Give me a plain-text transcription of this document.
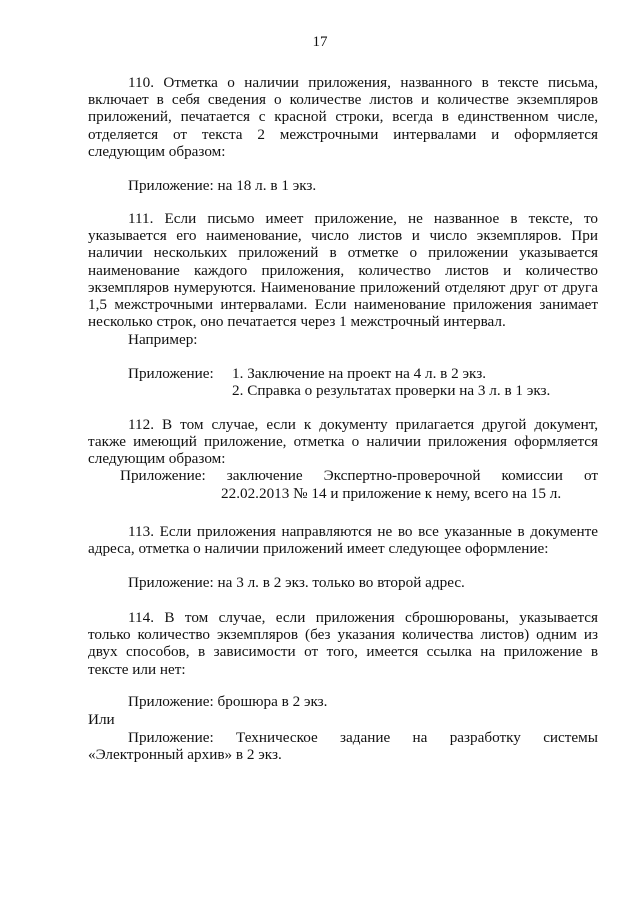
17
110. Отметка о наличии приложения, названного в тексте письма,
включает в себя сведения о количестве листов и количестве экземпляров
приложений, печатается с красной строки, всегда в единственном числе,
отделяется от текста 2 межстрочными интервалами и оформляется
следующим образом:
Приложение: на 18 л. в 1 экз.
111. Если письмо имеет приложение, не названное в тексте, то
указывается его наименование, число листов и число экземпляров. При
наличии нескольких приложений в отметке о приложении указывается
наименование каждого приложения, количество листов и количество
экземпляров нумеруются. Наименование приложений отделяют друг от друга
1,5 межстрочными интервалами. Если наименование приложения занимает
несколько строк, оно печатается через 1 межстрочный интервал.
Например:
Приложение: 1. Заключение на проект на 4 л. в 2 экз.
2. Справка о результатах проверки на 3 л. в 1 экз.
112. В том случае, если к документу прилагается другой документ,
также имеющий приложение, отметка о наличии приложения оформляется
следующим образом:
Приложение: заключение Экспертно-проверочной комиссии от
22.02.2013 № 14 и приложение к нему, всего на 15 л.
113. Если приложения направляются не во все указанные в документе
адреса, отметка о наличии приложений имеет следующее оформление:
Приложение: на 3 л. в 2 экз. только во второй адрес.
114. В том случае, если приложения сброшюрованы, указывается
только количество экземпляров (без указания количества листов) одним из
двух способов, в зависимости от того, имеется ссылка на приложение в
тексте или нет:
Приложение: брошюра в 2 экз.
Или
Приложение: Техническое задание на разработку системы
«Электронный архив» в 2 экз.
